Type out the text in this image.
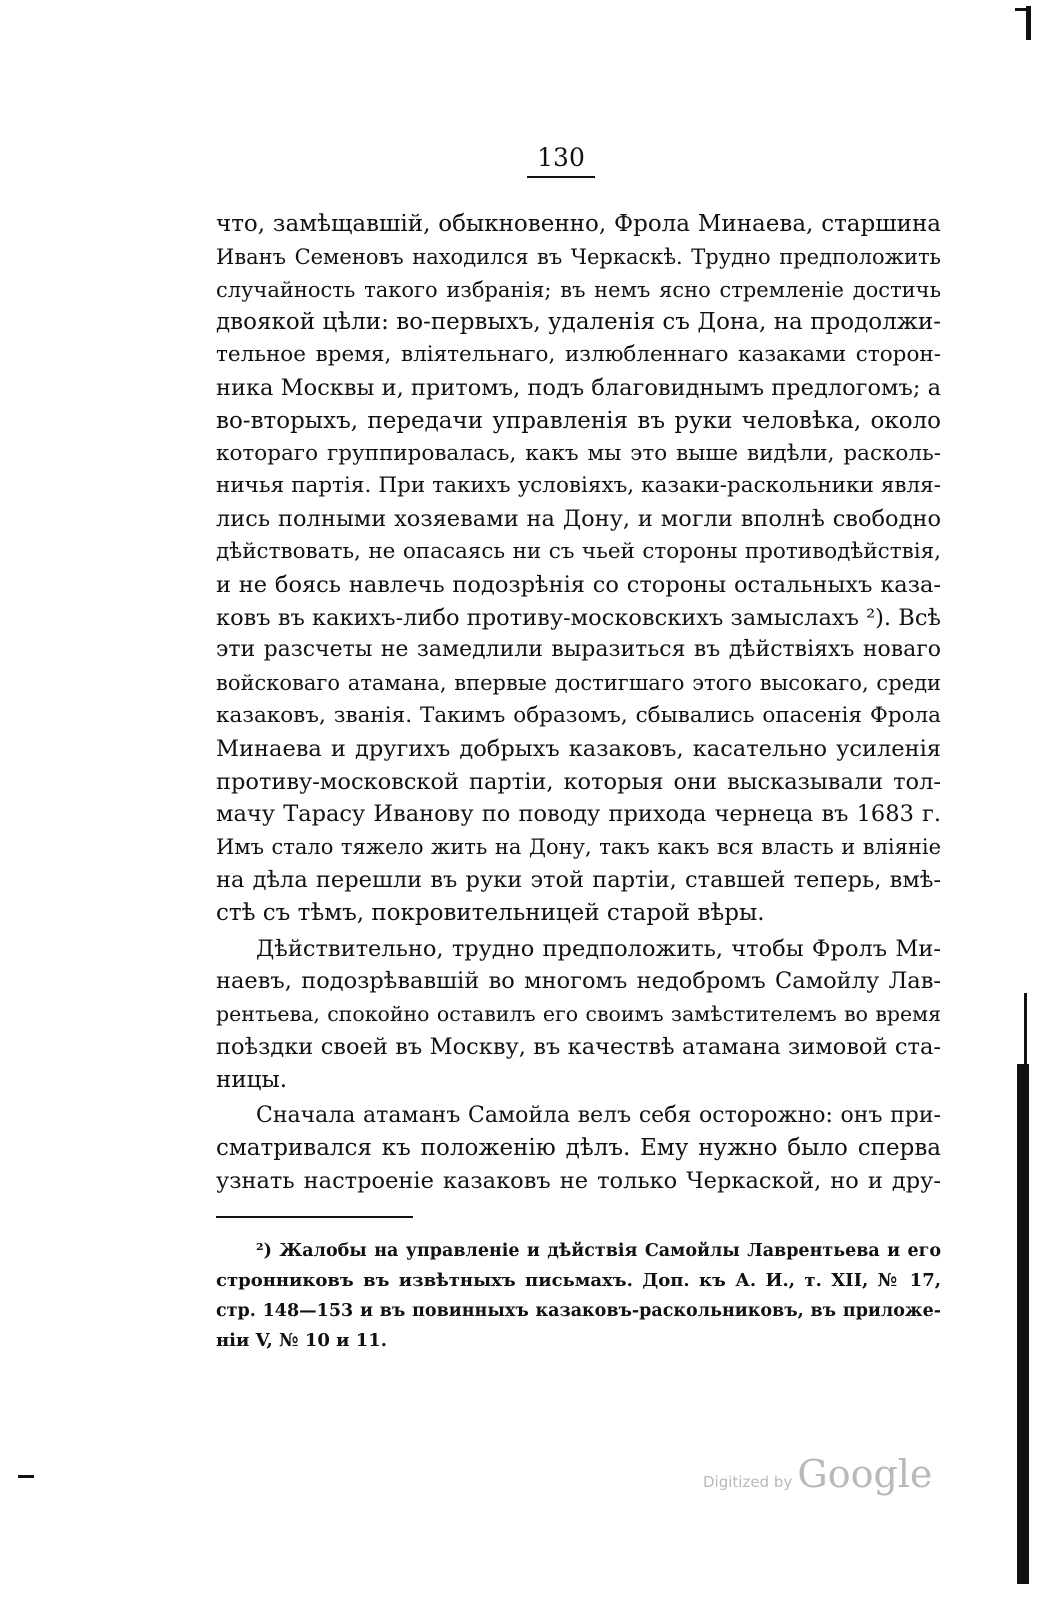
130
что, замѣщавшій, обыкновенно, Фрола Минаева, старшина
Иванъ Семеновъ находился въ Черкаскѣ. Трудно предположить
случайность такого избранія; въ немъ ясно стремленіе достичь
двоякой цѣли: во-первыхъ, удаленія съ Дона, на продолжи-
тельное время, вліятельнаго, излюбленнаго казаками сторон-
ника Москвы и, притомъ, подъ благовиднымъ предлогомъ; а
во-вторыхъ, передачи управленія въ руки человѣка, около
котораго группировалась, какъ мы это выше видѣли, расколь-
ничья партія. При такихъ условіяхъ, казаки-раскольники явля-
лись полными хозяевами на Дону, и могли вполнѣ свободно
дѣйствовать, не опасаясь ни съ чьей стороны противодѣйствія,
и не боясь навлечь подозрѣнія со стороны остальныхъ каза-
ковъ въ какихъ-либо противу-московскихъ замыслахъ ²). Всѣ
эти разсчеты не замедлили выразиться въ дѣйствіяхъ новаго
войсковаго атамана, впервые достигшаго этого высокаго, среди
казаковъ, званія. Такимъ образомъ, сбывались опасенія Фрола
Минаева и другихъ добрыхъ казаковъ, касательно усиленія
противу-московской партіи, которыя они высказывали тол-
мачу Тарасу Иванову по поводу прихода чернеца въ 1683 г.
Имъ стало тяжело жить на Дону, такъ какъ вся власть и вліяніе
на дѣла перешли въ руки этой партіи, ставшей теперь, вмѣ-
стѣ съ тѣмъ, покровительницей старой вѣры.
Дѣйствительно, трудно предположить, чтобы Фролъ Ми-
наевъ, подозрѣвавшій во многомъ недобромъ Самойлу Лав-
рентьева, спокойно оставилъ его своимъ замѣстителемъ во время
поѣздки своей въ Москву, въ качествѣ атамана зимовой ста-
ницы.
Сначала атаманъ Самойла велъ себя осторожно: онъ при-
сматривался къ положенію дѣлъ. Ему нужно было сперва
узнать настроеніе казаковъ не только Черкаской, но и дру-
²) Жалобы на управленіе и дѣйствія Самойлы Лаврентьева и его
стронниковъ въ извѣтныхъ письмахъ. Доп. къ А. И., т. XII, № 17,
стр. 148—153 и въ повинныхъ казаковъ-раскольниковъ, въ приложе-
ніи V, № 10 и 11.
Digitized by Google
